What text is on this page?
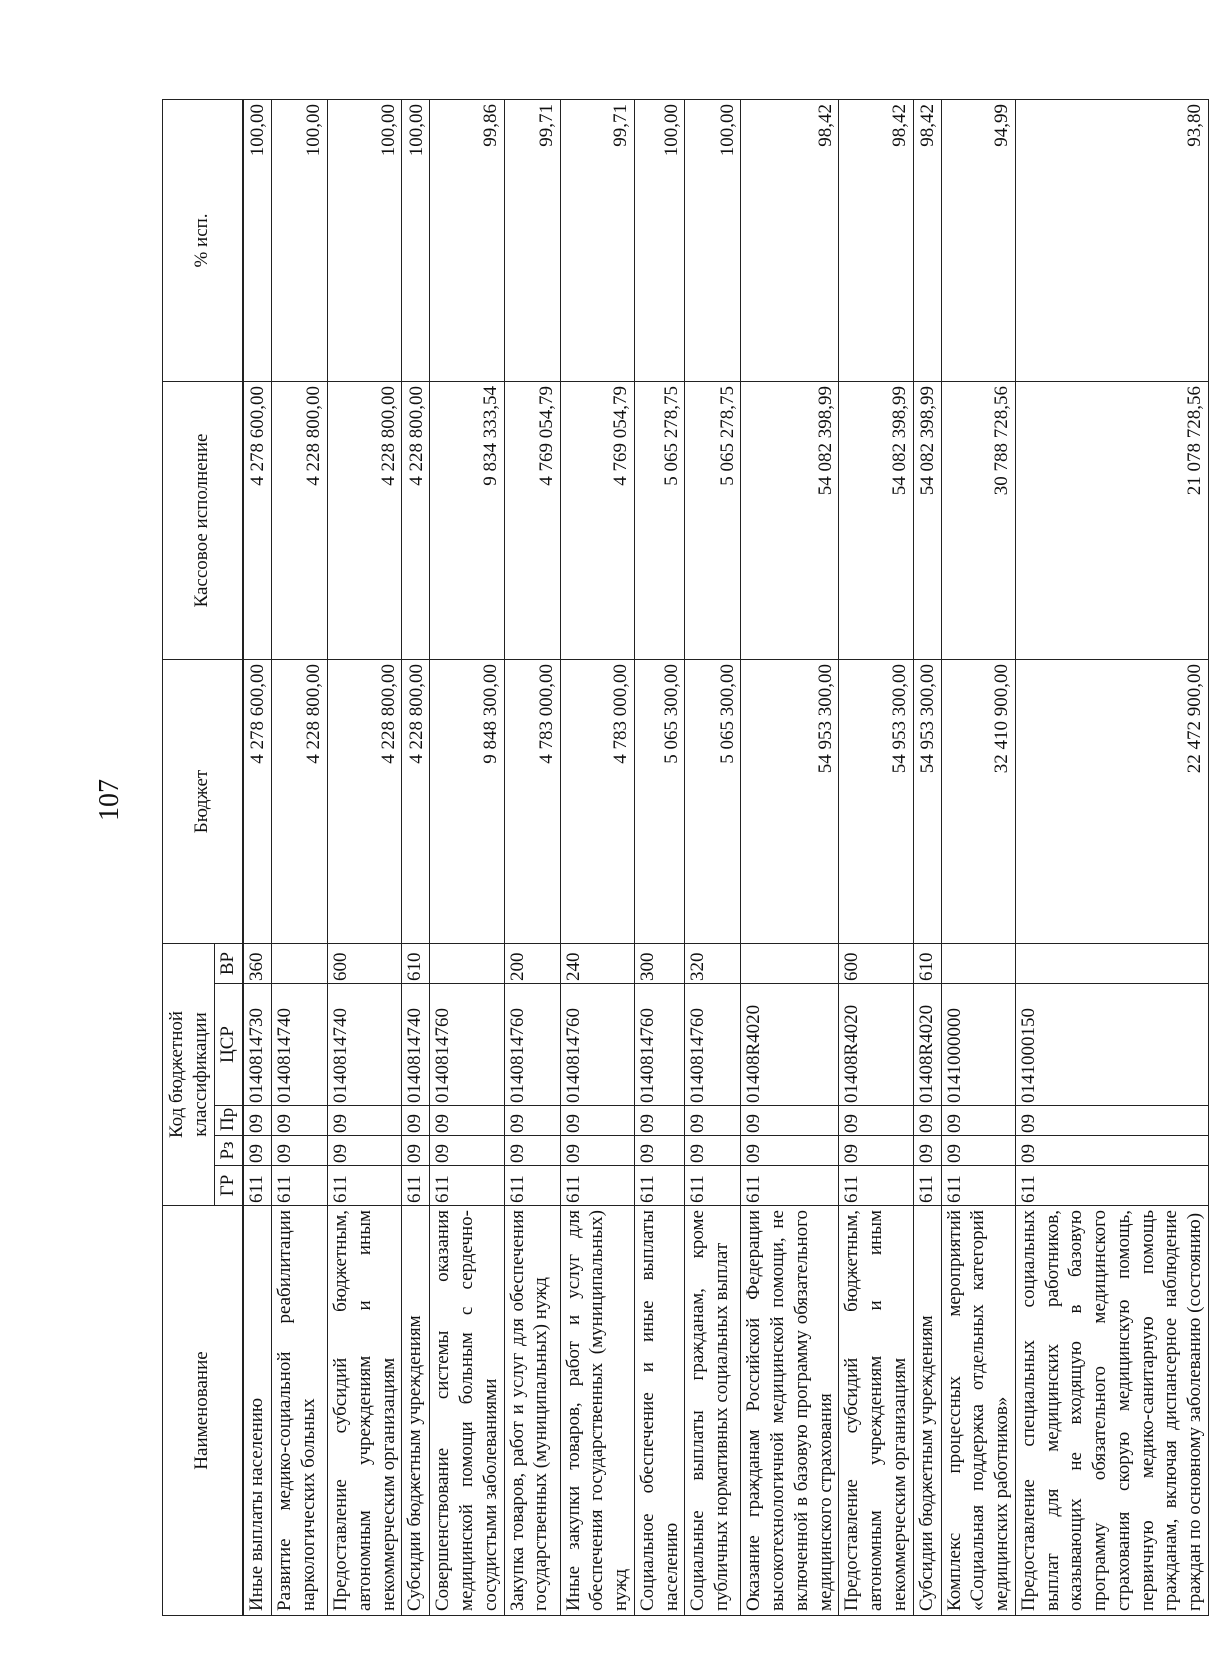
107
Наименование	Код бюджетной классификации					Бюджет	Кассовое исполнение	% исп.
	ГР	Рз	Пр	ЦСР	ВР			
Иные выплаты населению	611	09	09	0140814730	360	4 278 600,00	4 278 600,00	100,00
Развитие медико-социальной реабилитации наркологических больных	611	09	09	0140814740		4 228 800,00	4 228 800,00	100,00
Предоставление субсидий бюджетным, автономным учреждениям и иным некоммерческим организациям	611	09	09	0140814740	600	4 228 800,00	4 228 800,00	100,00
Субсидии бюджетным учреждениям	611	09	09	0140814740	610	4 228 800,00	4 228 800,00	100,00
Совершенствование системы оказания медицинской помощи больным с сердечно-сосудистыми заболеваниями	611	09	09	0140814760		9 848 300,00	9 834 333,54	99,86
Закупка товаров, работ и услуг для обеспечения государственных (муниципальных) нужд	611	09	09	0140814760	200	4 783 000,00	4 769 054,79	99,71
Иные закупки товаров, работ и услуг для обеспечения государственных (муниципальных) нужд	611	09	09	0140814760	240	4 783 000,00	4 769 054,79	99,71
Социальное обеспечение и иные выплаты населению	611	09	09	0140814760	300	5 065 300,00	5 065 278,75	100,00
Социальные выплаты гражданам, кроме публичных нормативных социальных выплат	611	09	09	0140814760	320	5 065 300,00	5 065 278,75	100,00
Оказание гражданам Российской Федерации высокотехнологичной медицинской помощи, не включенной в базовую программу обязательного медицинского страхования	611	09	09	01408R4020		54 953 300,00	54 082 398,99	98,42
Предоставление субсидий бюджетным, автономным учреждениям и иным некоммерческим организациям	611	09	09	01408R4020	600	54 953 300,00	54 082 398,99	98,42
Субсидии бюджетным учреждениям	611	09	09	01408R4020	610	54 953 300,00	54 082 398,99	98,42
Комплекс процессных мероприятий «Социальная поддержка отдельных категорий медицинских работников»	611	09	09	0141000000		32 410 900,00	30 788 728,56	94,99
Предоставление специальных социальных выплат для медицинских работников, оказывающих не входящую в базовую программу обязательного медицинского страхования скорую медицинскую помощь, первичную медико-санитарную помощь гражданам, включая диспансерное наблюдение граждан по основному заболеванию (состоянию)	611	09	09	0141000150		22 472 900,00	21 078 728,56	93,80
